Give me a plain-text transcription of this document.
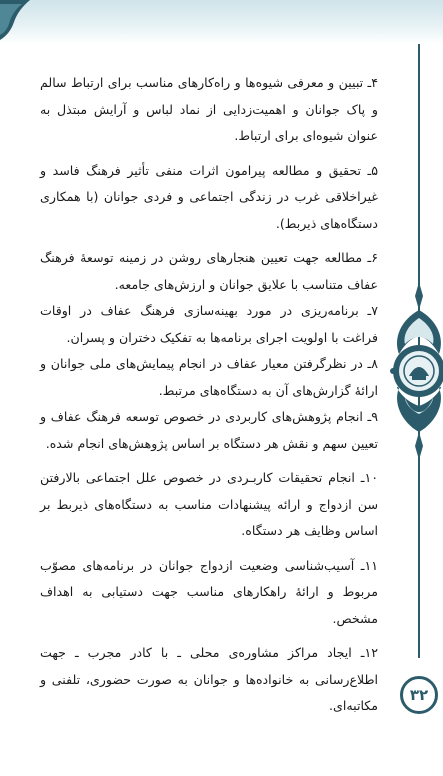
۳۲

۴ـ تبیین و معرفی شیوه‌ها و راه‌کارهای مناسب برای ارتباط سالم و پاک جوانان و اهمیت‌زدایی از نماد لباس و آرایش مبتذل به عنوان شیوه‌ای برای ارتباط.

۵ـ تحقیق و مطالعه پیرامون اثرات منفی تأثیر فرهنگ فاسد و غیراخلاقی غرب در زندگی اجتماعی و فردی جوانان (با همکاری دستگاه‌های ذیربط).

۶ـ مطالعه جهت تعیین هنجارهای روشن در زمینه توسعهٔ فرهنگ عفاف متناسب با علایق جوانان و ارزش‌های جامعه.

۷ـ برنامه‌ریزی در مورد بهینه‌سازی فرهنگ عفاف در اوقات فراغت با اولویت اجرای برنامه‌ها به تفکیک دختران و پسران.

۸ـ در نظرگرفتن معیار عفاف در انجام پیمایش‌های ملی جوانان و ارائهٔ گزارش‌های آن به دستگاه‌های مرتبط.

۹ـ انجام پژوهش‌های کاربردی در خصوص توسعه فرهنگ عفاف و تعیین سهم و نقش هر دستگاه بر اساس پژوهش‌های انجام شده.

۱۰ـ انجام تحقیقات کاربـردی در خصوص علل اجتماعی بالارفتن سن ازدواج و ارائه پیشنهادات مناسب به دستگاه‌های ذیربط بر اساس وظایف هر دستگاه.

۱۱ـ آسیب‌شناسی وضعیت ازدواج جوانان در برنامه‌های مصوّب مربوط و ارائهٔ راهکارهای مناسب جهت دستیابی به اهداف مشخص.

۱۲ـ ایجاد مراکز مشاوره‌ی محلی ـ با کادر مجرب ـ جهت اطلاع‌رسانی به خانواده‌ها و جوانان به صورت حضوری، تلفنی و مکاتبه‌ای.
